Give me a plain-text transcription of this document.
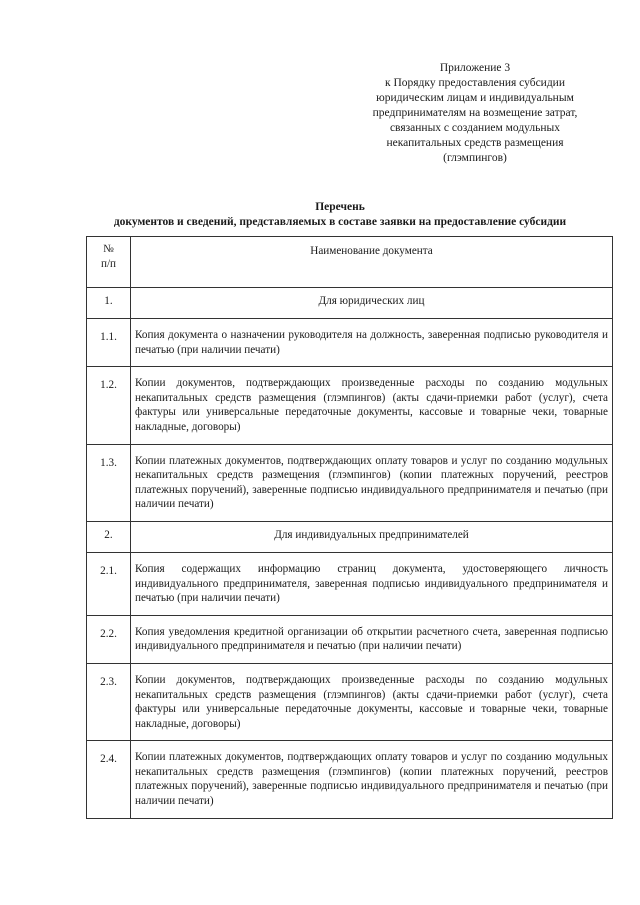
Приложение 3
к Порядку предоставления субсидии
юридическим лицам и индивидуальным
предпринимателям на возмещение затрат,
связанных с созданием модульных
некапитальных средств размещения
(глэмпингов)
Перечень
документов и сведений, представляемых в составе заявки на предоставление субсидии
№
п/п	Наименование документа
1.	Для юридических лиц
1.1.	Копия документа о назначении руководителя на должность, заверенная подписью руководителя и печатью (при наличии печати)
1.2.	Копии документов, подтверждающих произведенные расходы по созданию модульных некапитальных средств размещения (глэмпингов) (акты сдачи-приемки работ (услуг), счета фактуры или универсальные передаточные документы, кассовые и товарные чеки, товарные накладные, договоры)
1.3.	Копии платежных документов, подтверждающих оплату товаров и услуг по созданию модульных некапитальных средств размещения (глэмпингов) (копии платежных поручений, реестров платежных поручений), заверенные подписью индивидуального предпринимателя и печатью (при наличии печати)
2.	Для индивидуальных предпринимателей
2.1.	Копия содержащих информацию страниц документа, удостоверяющего личность индивидуального предпринимателя, заверенная подписью индивидуального предпринимателя и печатью (при наличии печати)
2.2.	Копия уведомления кредитной организации об открытии расчетного счета, заверенная подписью индивидуального предпринимателя и печатью (при наличии печати)
2.3.	Копии документов, подтверждающих произведенные расходы по созданию модульных некапитальных средств размещения (глэмпингов) (акты сдачи-приемки работ (услуг), счета фактуры или универсальные передаточные документы, кассовые и товарные чеки, товарные накладные, договоры)
2.4.	Копии платежных документов, подтверждающих оплату товаров и услуг по созданию модульных некапитальных средств размещения (глэмпингов) (копии платежных поручений, реестров платежных поручений), заверенные подписью индивидуального предпринимателя и печатью (при наличии печати)
